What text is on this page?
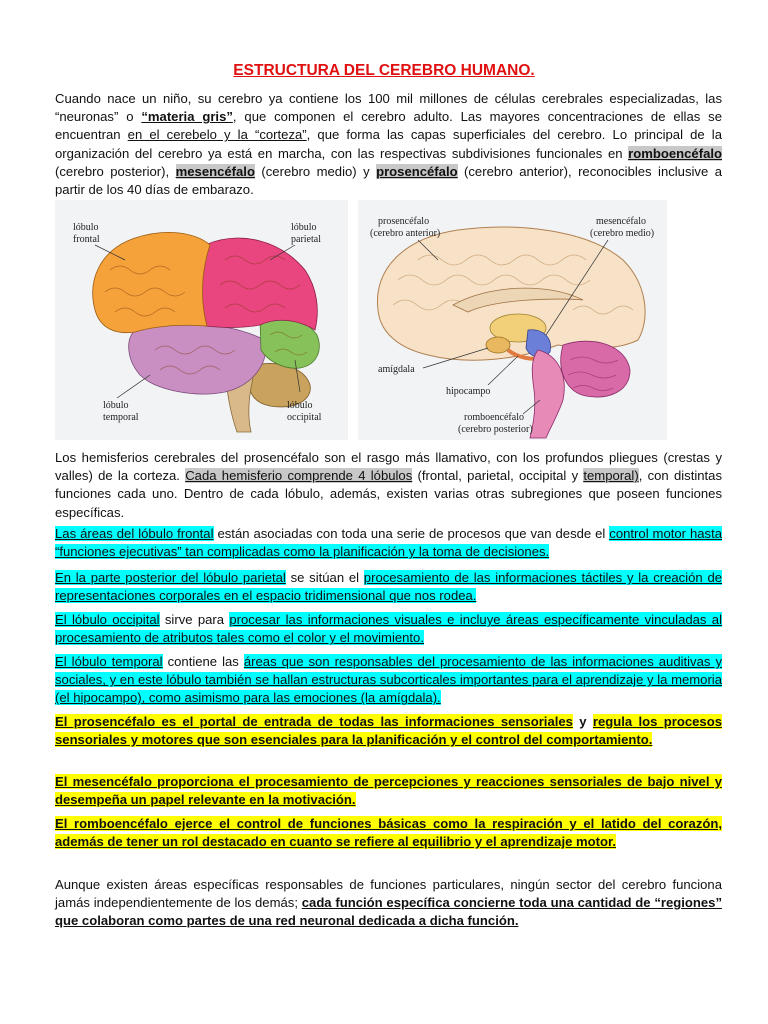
ESTRUCTURA DEL CEREBRO HUMANO.

Cuando nace un niño, su cerebro ya contiene los 100 mil millones de células cerebrales especializadas, las “neuronas” o “materia gris”, que componen el cerebro adulto. Las mayores concentraciones de ellas se encuentran en el cerebelo y la “corteza”, que forma las capas superficiales del cerebro. Lo principal de la organización del cerebro ya está en marcha, con las respectivas subdivisiones funcionales en romboencéfalo (cerebro posterior), mesencéfalo (cerebro medio) y prosencéfalo (cerebro anterior), reconocibles inclusive a partir de los 40 días de embarazo.

lóbulo
frontal
lóbulo
parietal
lóbulo
temporal
lóbulo
occipital
prosencéfalo
(cerebro anterior)
mesencéfalo
(cerebro medio)
amígdala
hipocampo
romboencéfalo
(cerebro posterior)

Los hemisferios cerebrales del prosencéfalo son el rasgo más llamativo, con los profundos pliegues (crestas y valles) de la corteza. Cada hemisferio comprende 4 lóbulos (frontal, parietal, occipital y temporal), con distintas funciones cada uno. Dentro de cada lóbulo, además, existen varias otras subregiones que poseen funciones específicas.

Las áreas del lóbulo frontal están asociadas con toda una serie de procesos que van desde el control motor hasta “funciones ejecutivas” tan complicadas como la planificación y la toma de decisiones.

En la parte posterior del lóbulo parietal se sitúan el procesamiento de las informaciones táctiles y la creación de representaciones corporales en el espacio tridimensional que nos rodea.

El lóbulo occipital sirve para procesar las informaciones visuales e incluye áreas específicamente vinculadas al procesamiento de atributos tales como el color y el movimiento.

El lóbulo temporal contiene las áreas que son responsables del procesamiento de las informaciones auditivas y sociales, y en este lóbulo también se hallan estructuras subcorticales importantes para el aprendizaje y la memoria (el hipocampo), como asimismo para las emociones (la amígdala).

El prosencéfalo es el portal de entrada de todas las informaciones sensoriales y regula los procesos sensoriales y motores que son esenciales para la planificación y el control del comportamiento.

El mesencéfalo proporciona el procesamiento de percepciones y reacciones sensoriales de bajo nivel y desempeña un papel relevante en la motivación.

El romboencéfalo ejerce el control de funciones básicas como la respiración y el latido del corazón, además de tener un rol destacado en cuanto se refiere al equilibrio y el aprendizaje motor.

Aunque existen áreas específicas responsables de funciones particulares, ningún sector del cerebro funciona jamás independientemente de los demás; cada función específica concierne toda una cantidad de “regiones” que colaboran como partes de una red neuronal dedicada a dicha función.
